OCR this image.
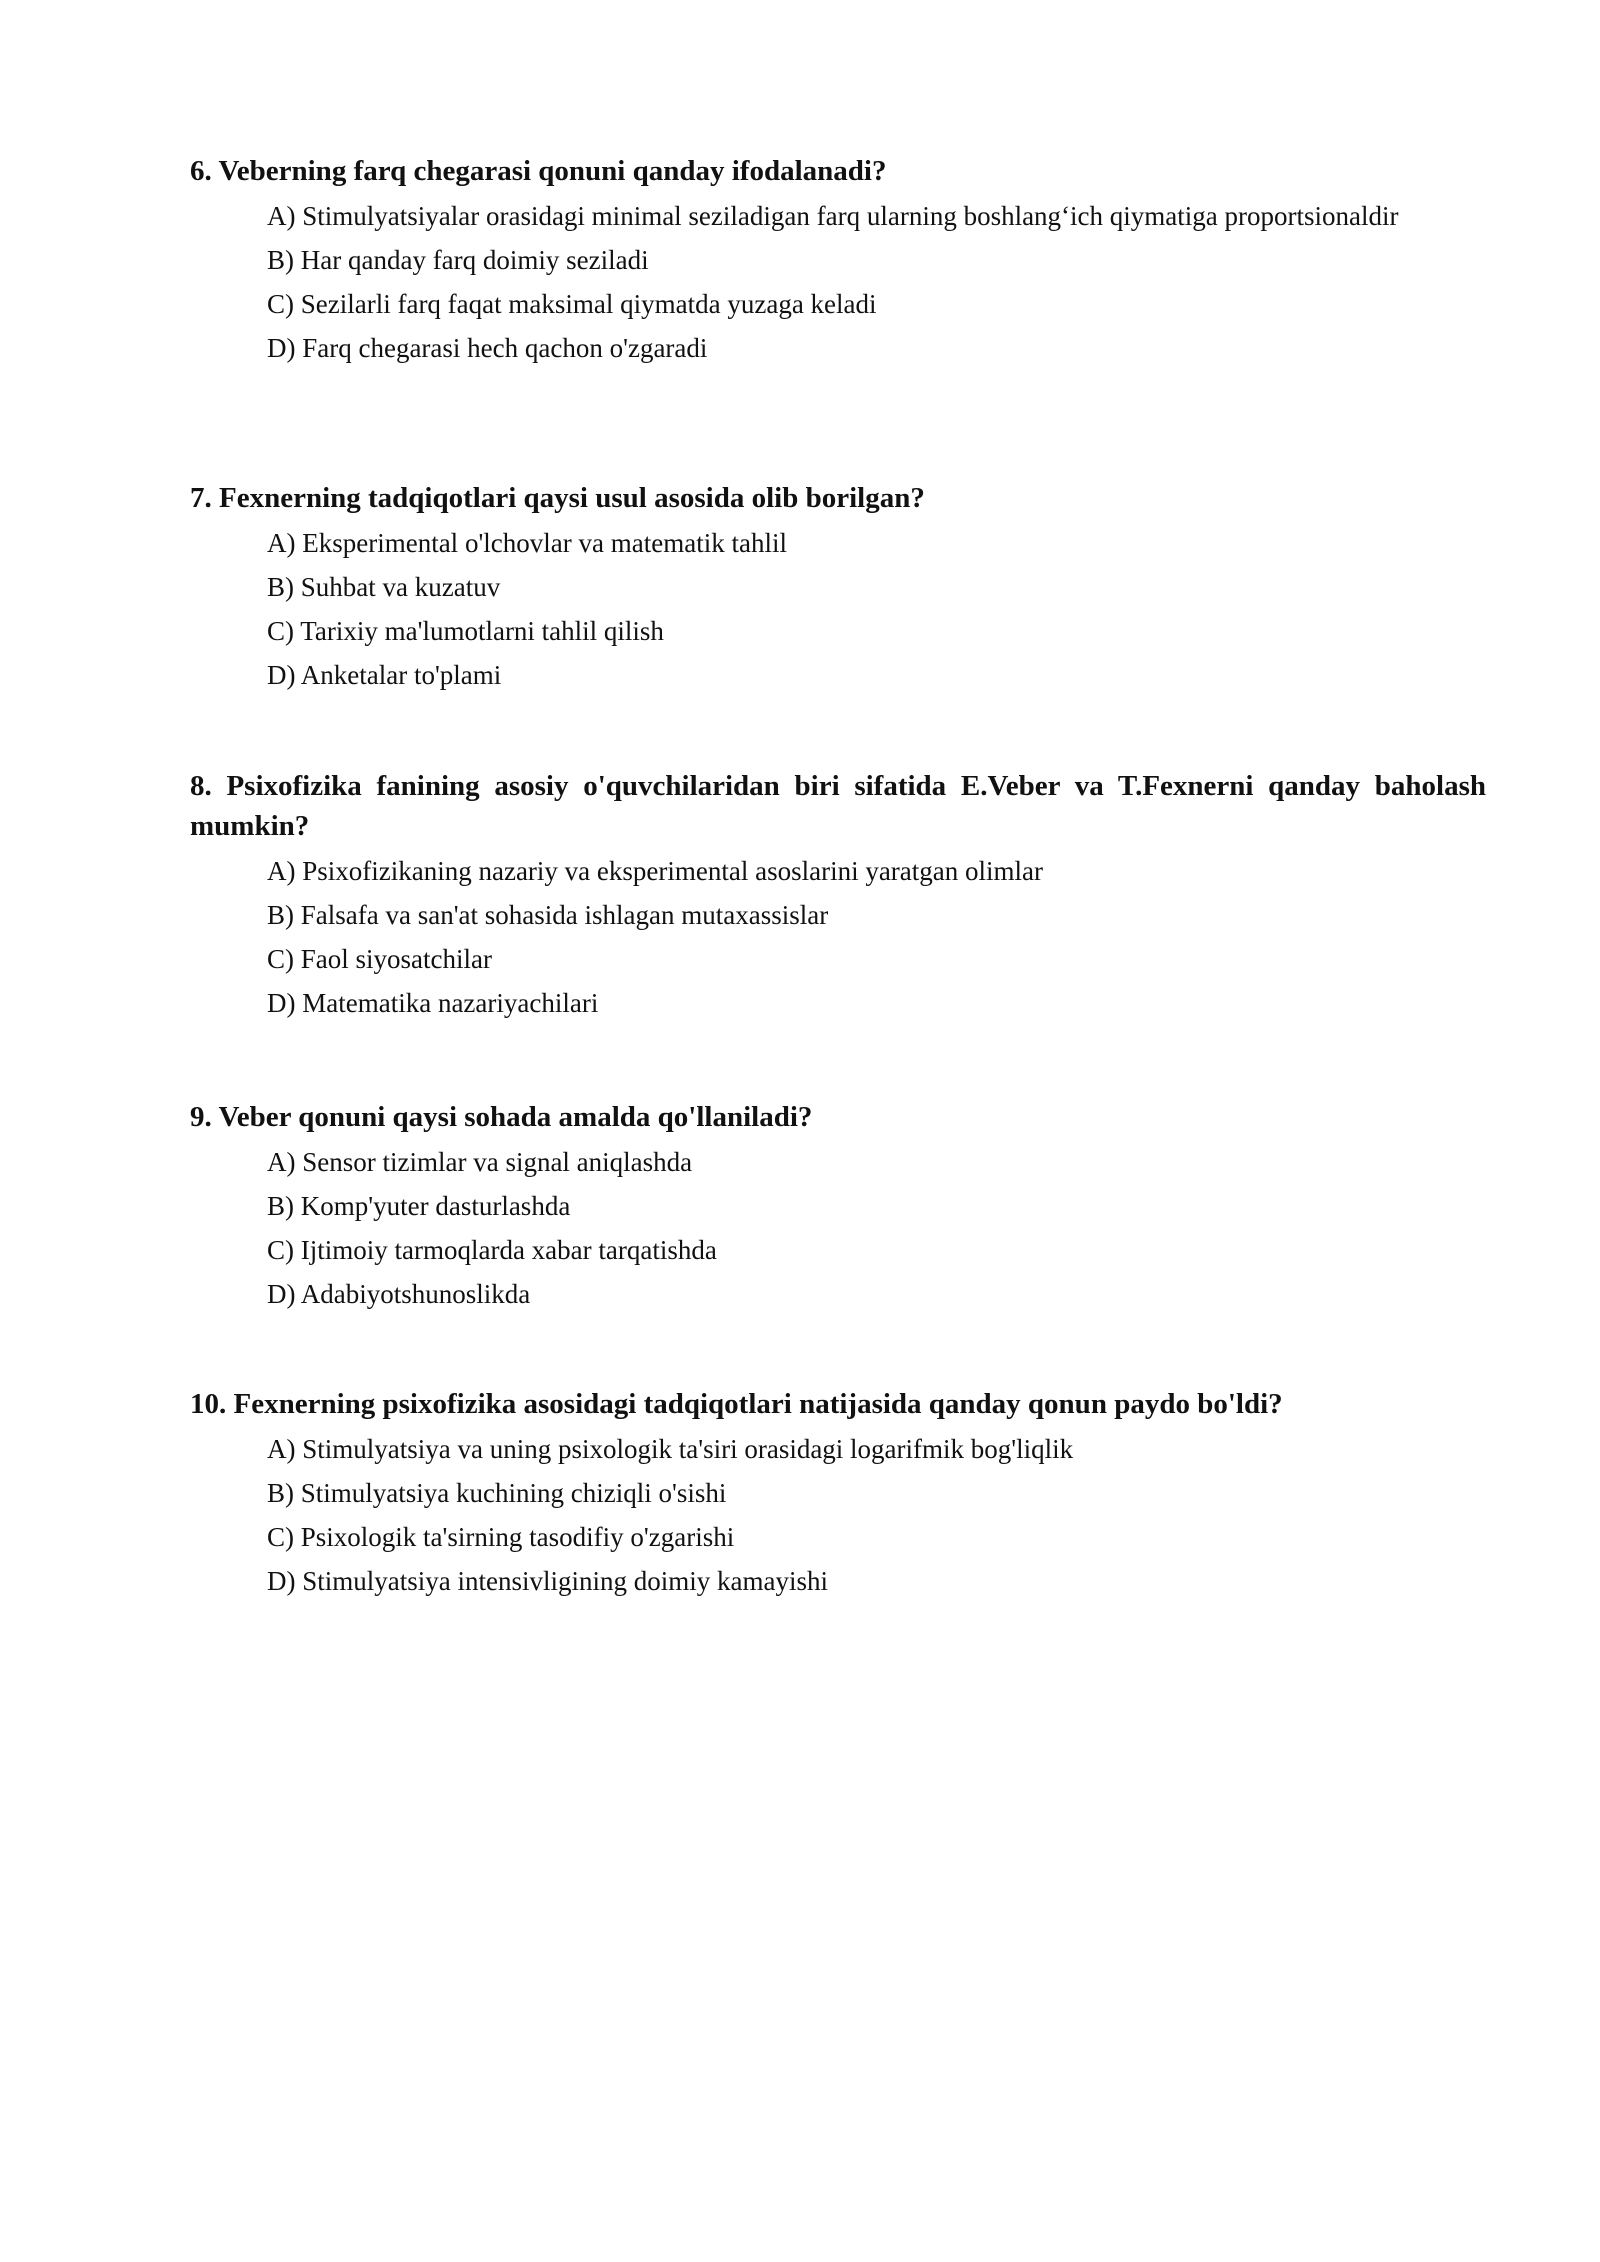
6. Veberning farq chegarasi qonuni qanday ifodalanadi?

A) Stimulyatsiyalar orasidagi minimal seziladigan farq ularning boshlang‘ich qiymatiga proportsionaldir
B) Har qanday farq doimiy seziladi
C) Sezilarli farq faqat maksimal qiymatda yuzaga keladi
D) Farq chegarasi hech qachon o'zgaradi

7. Fexnerning tadqiqotlari qaysi usul asosida olib borilgan?

A) Eksperimental o'lchovlar va matematik tahlil
B) Suhbat va kuzatuv
C) Tarixiy ma'lumotlarni tahlil qilish
D) Anketalar to'plami

8. Psixofizika fanining asosiy o'quvchilaridan biri sifatida E.Veber va T.Fexnerni qanday baholash mumkin?

A) Psixofizikaning nazariy va eksperimental asoslarini yaratgan olimlar
B) Falsafa va san'at sohasida ishlagan mutaxassislar
C) Faol siyosatchilar
D) Matematika nazariyachilari

9. Veber qonuni qaysi sohada amalda qo'llaniladi?

A) Sensor tizimlar va signal aniqlashda
B) Komp'yuter dasturlashda
C) Ijtimoiy tarmoqlarda xabar tarqatishda
D) Adabiyotshunoslikda

10. Fexnerning psixofizika asosidagi tadqiqotlari natijasida qanday qonun paydo bo'ldi?

A) Stimulyatsiya va uning psixologik ta'siri orasidagi logarifmik bog'liqlik
B) Stimulyatsiya kuchining chiziqli o'sishi
C) Psixologik ta'sirning tasodifiy o'zgarishi
D) Stimulyatsiya intensivligining doimiy kamayishi
